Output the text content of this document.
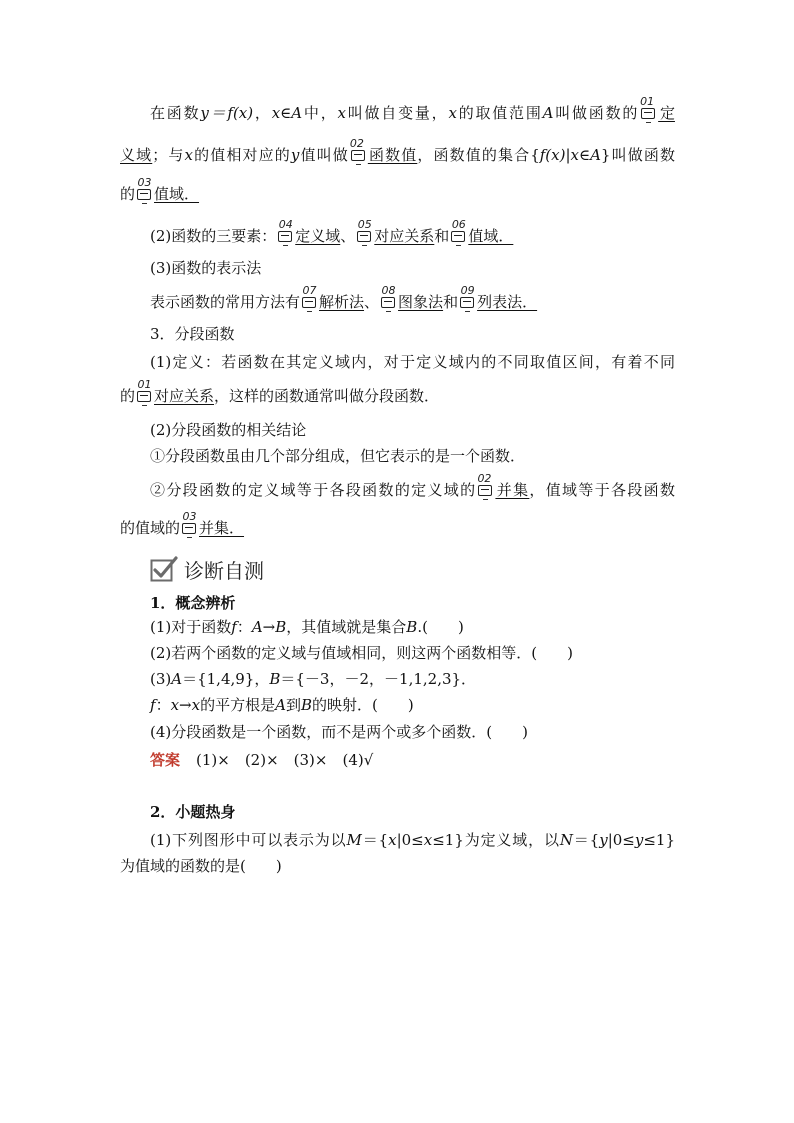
在函数y＝f(x)，x∈A中，x叫做自变量，x的取值范围A叫做函数的
01
定
义域；与x的值相对应的y值叫做
02
函数值，函数值的集合{f(x)|x∈A}叫做函数
的
03
值域．
(2)函数的三要素：
04
定义域、
05
对应关系和
06
值域．
(3)函数的表示法
表示函数的常用方法有
07
解析法、
08
图象法和
09
列表法．
3．分段函数
(1)定义：若函数在其定义域内，对于定义域内的不同取值区间，有着不同
的
01
对应关系，这样的函数通常叫做分段函数．
(2)分段函数的相关结论
①分段函数虽由几个部分组成，但它表示的是一个函数．
②分段函数的定义域等于各段函数的定义域的
02
并集，值域等于各段函数
的值域的
03
并集．
诊断自测
1．概念辨析
(1)对于函数f：A→B，其值域就是集合B.(　　)
(2)若两个函数的定义域与值域相同，则这两个函数相等．(　　)
(3)A＝{1,4,9}，B＝{－3，－2，－1,1,2,3}．
f：x→x的平方根是A到B的映射．(　　)
(4)分段函数是一个函数，而不是两个或多个函数．(　　)
答案 (1)×　(2)×　(3)×　(4)√
2．小题热身
(1)下列图形中可以表示为以M＝{x|0≤x≤1}为定义域，以N＝{y|0≤y≤1}
为值域的函数的是(　　)
